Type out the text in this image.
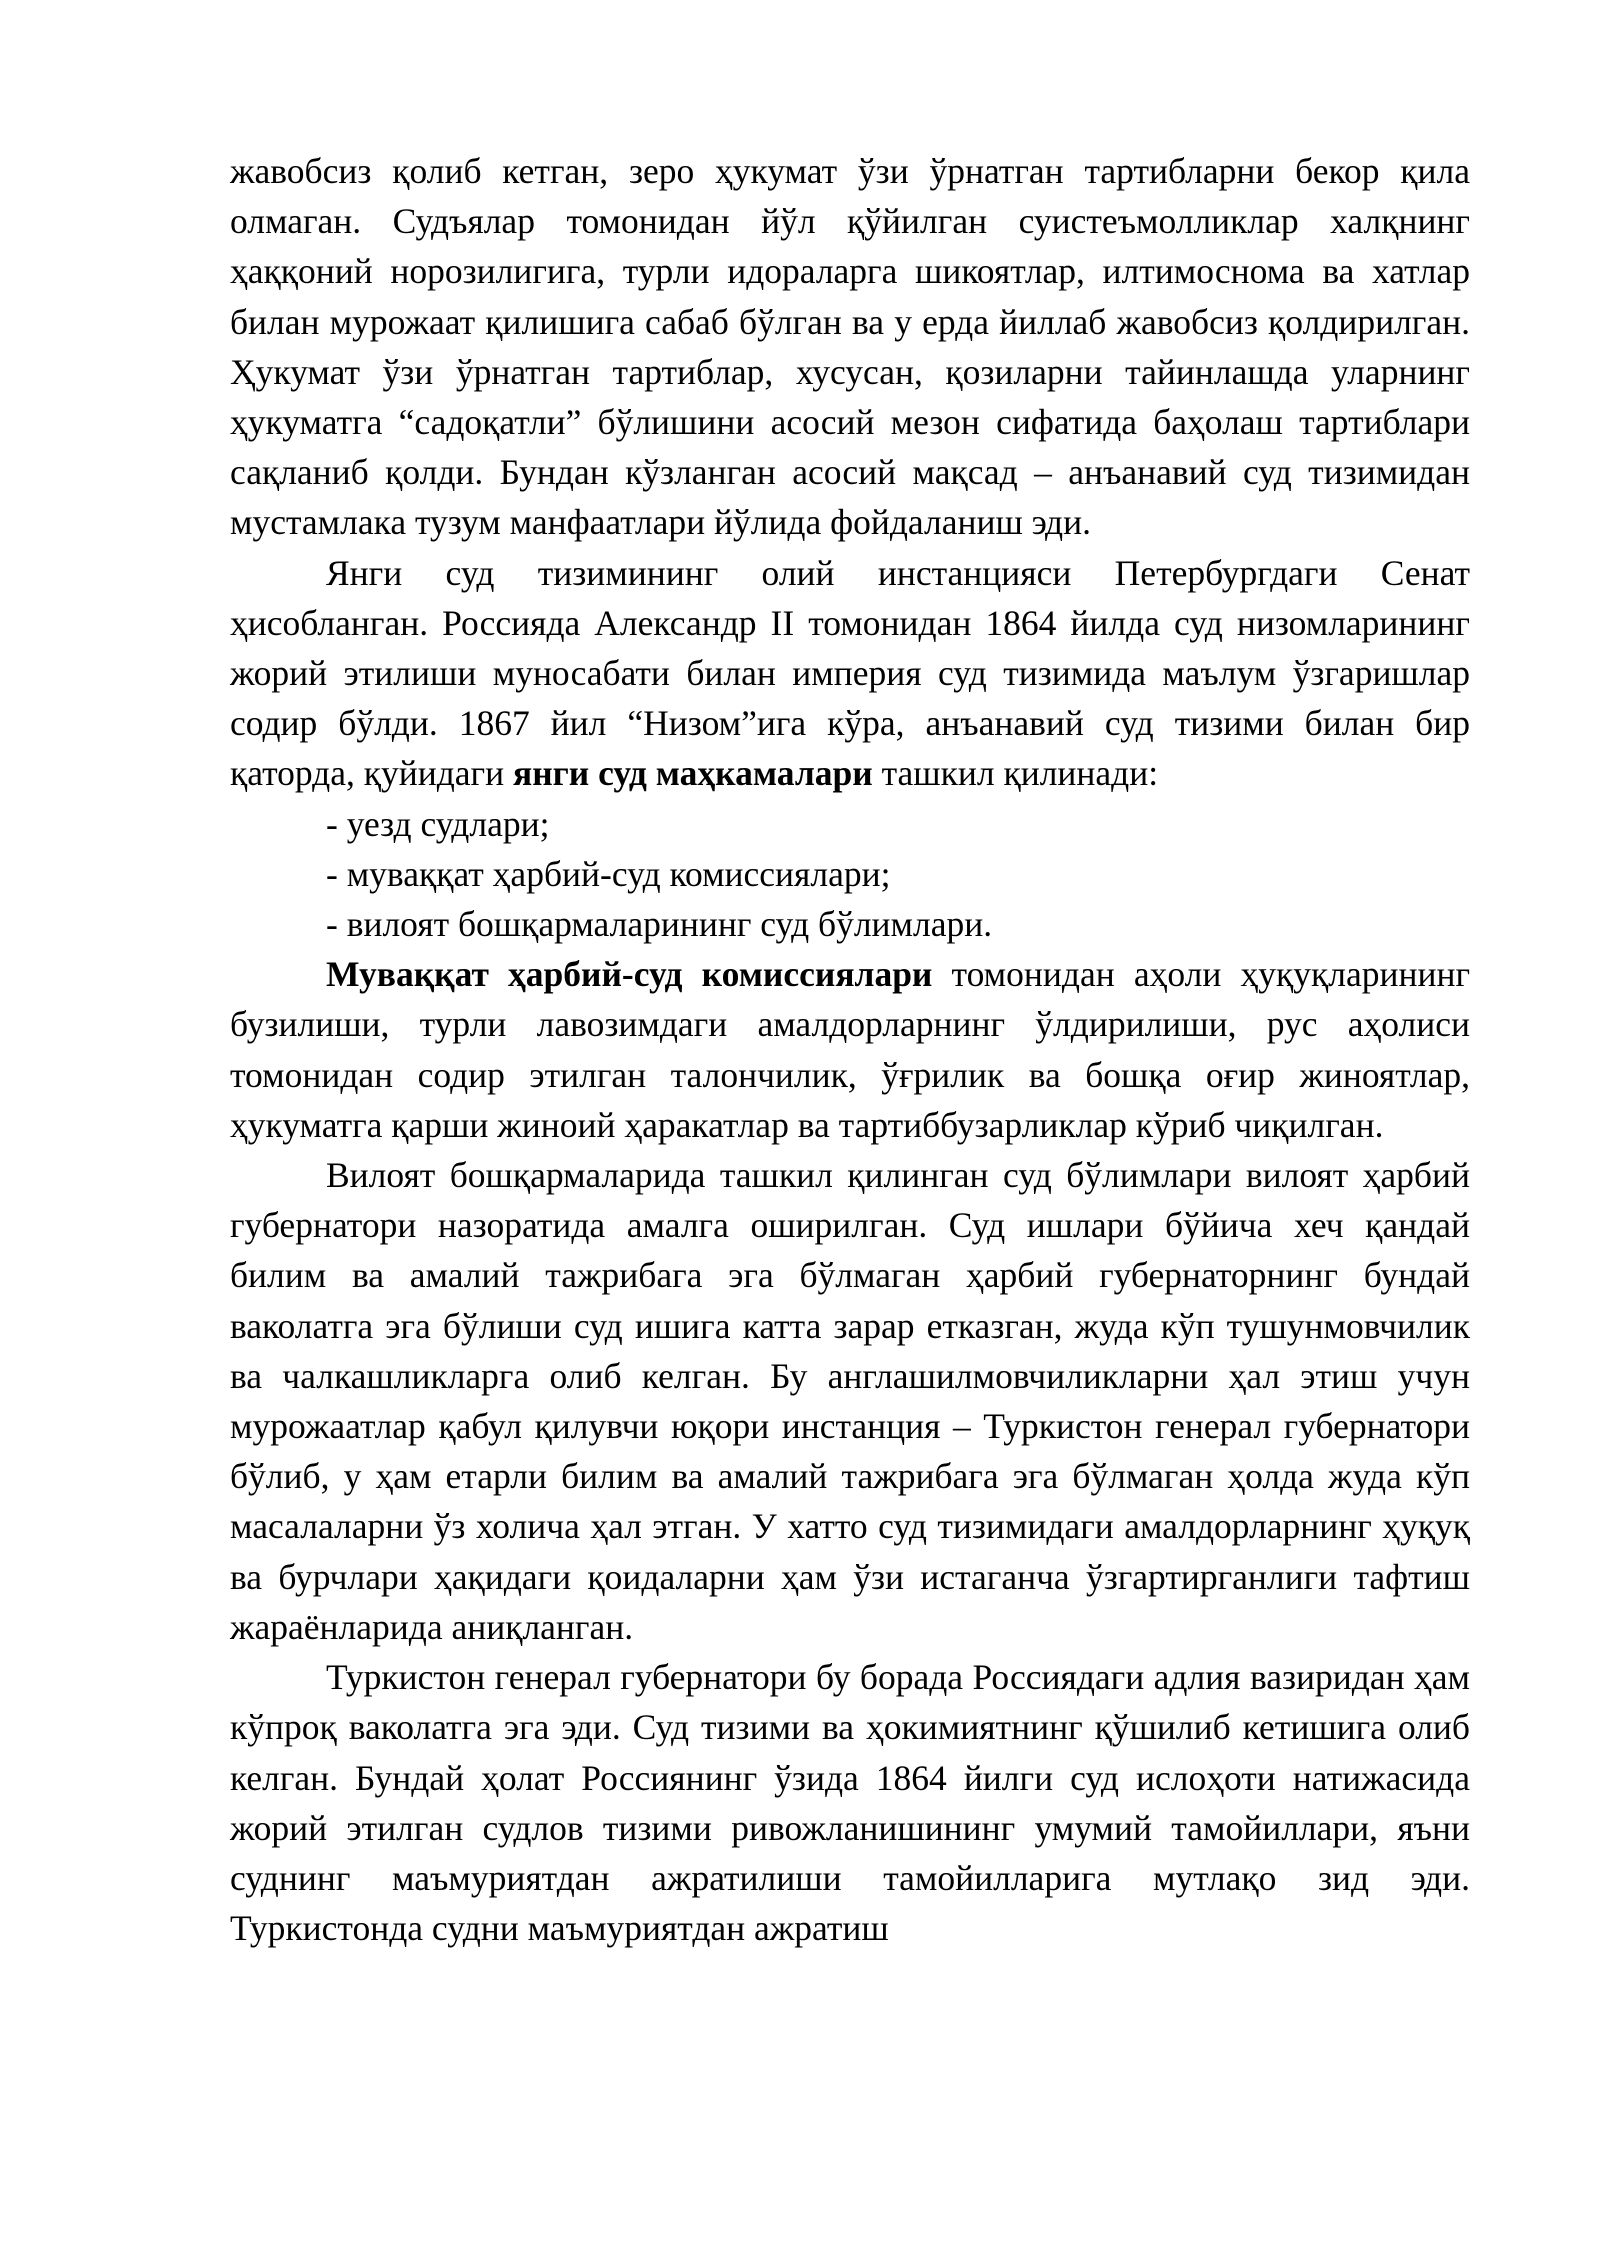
жавобсиз қолиб кетган, зеро ҳукумат ўзи ўрнатган тартибларни бекор қила олмаган. Судъялар томонидан йўл қўйилган суистеъмолликлар халқнинг ҳаққоний норозилигига, турли идораларга шикоятлар, илтимоснома ва хатлар билан мурожаат қилишига сабаб бўлган ва у ерда йиллаб жавобсиз қолдирилган. Ҳукумат ўзи ўрнатган тартиблар, хусусан, қозиларни тайинлашда уларнинг ҳукуматга “садоқатли” бўлишини асосий мезон сифатида баҳолаш тартиблари сақланиб қолди. Бундан кўзланган асосий мақсад – анъанавий суд тизимидан мустамлака тузум манфаатлари йўлида фойдаланиш эди.

Янги суд тизимининг олий инстанцияси Петербургдаги Сенат ҳисобланган. Россияда Александр II томонидан 1864 йилда суд низомларининг жорий этилиши муносабати билан империя суд тизимида маълум ўзгаришлар содир бўлди. 1867 йил “Низом”ига кўра, анъанавий суд тизими билан бир қаторда, қуйидаги янги суд маҳкамалари ташкил қилинади:

- уезд судлари;

- муваққат ҳарбий-суд комиссиялари;

- вилоят бошқармаларининг суд бўлимлари.

Муваққат ҳарбий-суд комиссиялари томонидан аҳоли ҳуқуқларининг бузилиши, турли лавозимдаги амалдорларнинг ўлдирилиши, рус аҳолиси томонидан содир этилган талончилик, ўғрилик ва бошқа оғир жиноятлар, ҳукуматга қарши жиноий ҳаракатлар ва тартиббузарликлар кўриб чиқилган.

Вилоят бошқармаларида ташкил қилинган суд бўлимлари вилоят ҳарбий губернатори назоратида амалга оширилган. Суд ишлари бўйича хеч қандай билим ва амалий тажрибага эга бўлмаган ҳарбий губернаторнинг бундай ваколатга эга бўлиши суд ишига катта зарар етказган, жуда кўп тушунмовчилик ва чалкашликларга олиб келган. Бу англашилмовчиликларни ҳал этиш учун мурожаатлар қабул қилувчи юқори инстанция – Туркистон генерал губернатори бўлиб, у ҳам етарли билим ва амалий тажрибага эга бўлмаган ҳолда жуда кўп масалаларни ўз холича ҳал этган. У хатто суд тизимидаги амалдорларнинг ҳуқуқ ва бурчлари ҳақидаги қоидаларни ҳам ўзи истаганча ўзгартирганлиги тафтиш жараёнларида аниқланган.

Туркистон генерал губернатори бу борада Россиядаги адлия вазиридан ҳам кўпроқ ваколатга эга эди. Суд тизими ва ҳокимиятнинг қўшилиб кетишига олиб келган. Бундай ҳолат Россиянинг ўзида 1864 йилги суд ислоҳоти натижасида жорий этилган судлов тизими ривожланишининг умумий тамойиллари, яъни суднинг маъмуриятдан ажратилиши тамойилларига мутлақо зид эди. Туркистонда судни маъмуриятдан ажратиш
